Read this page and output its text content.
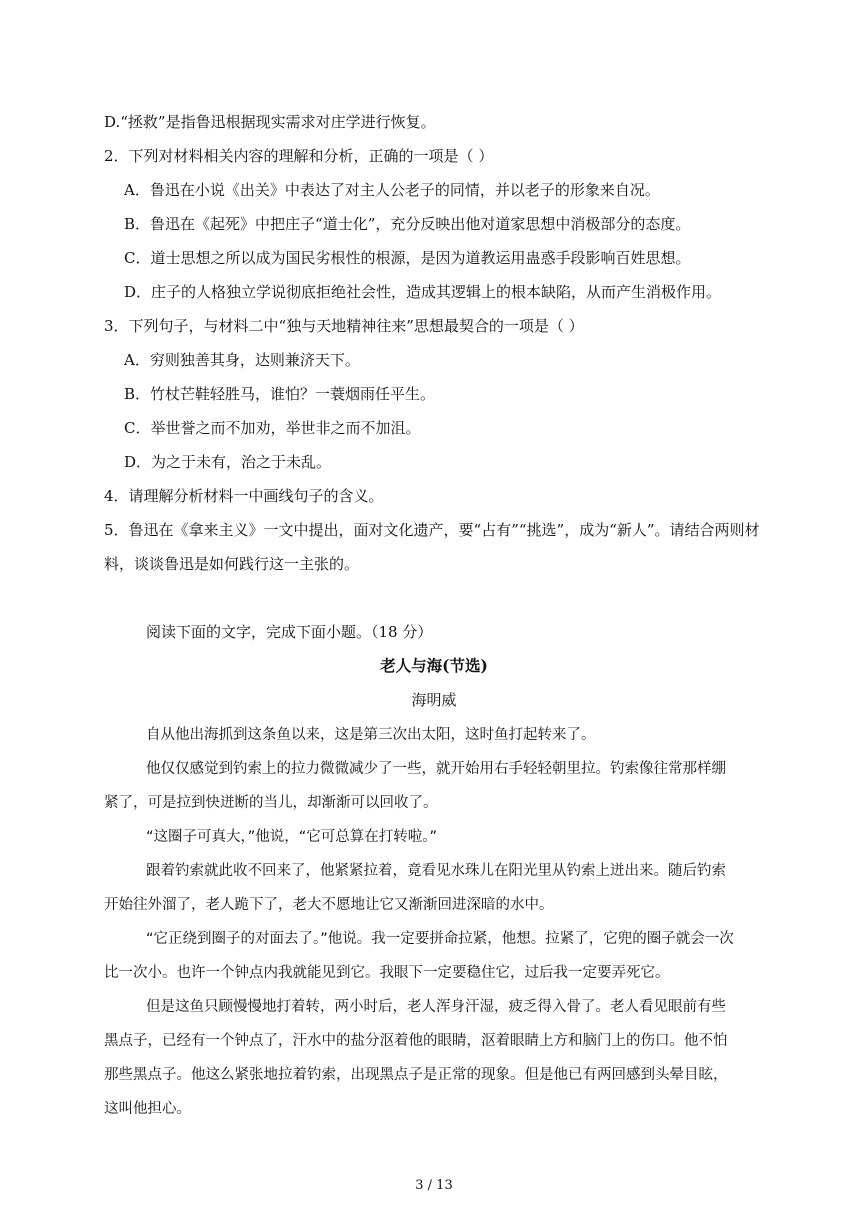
D.“拯救”是指鲁迅根据现实需求对庄学进行恢复。
2．下列对材料相关内容的理解和分析，正确的一项是（ ）
A．鲁迅在小说《出关》中表达了对主人公老子的同情，并以老子的形象来自况。
B．鲁迅在《起死》中把庄子“道士化”，充分反映出他对道家思想中消极部分的态度。
C．道士思想之所以成为国民劣根性的根源，是因为道教运用蛊惑手段影响百姓思想。
D．庄子的人格独立学说彻底拒绝社会性，造成其逻辑上的根本缺陷，从而产生消极作用。
3．下列句子，与材料二中“独与天地精神往来”思想最契合的一项是（ ）
A．穷则独善其身，达则兼济天下。
B．竹杖芒鞋轻胜马，谁怕？一蓑烟雨任平生。
C．举世誉之而不加劝，举世非之而不加沮。
D．为之于未有，治之于未乱。
4．请理解分析材料一中画线句子的含义。
5．鲁迅在《拿来主义》一文中提出，面对文化遗产，要“占有”“挑选”，成为“新人”。请结合两则材
料，谈谈鲁迅是如何践行这一主张的。
阅读下面的文字，完成下面小题。（18 分）
老人与海(节选)
海明威
自从他出海抓到这条鱼以来，这是第三次出太阳，这时鱼打起转来了。
他仅仅感觉到钓索上的拉力微微减少了一些，就开始用右手轻轻朝里拉。钓索像往常那样绷
紧了，可是拉到快迸断的当儿，却渐渐可以回收了。
“这圈子可真大，”他说，“它可总算在打转啦。”
跟着钓索就此收不回来了，他紧紧拉着，竟看见水珠儿在阳光里从钓索上迸出来。随后钓索
开始往外溜了，老人跪下了，老大不愿地让它又渐渐回进深暗的水中。
“它正绕到圈子的对面去了。”他说。我一定要拼命拉紧，他想。拉紧了，它兜的圈子就会一次
比一次小。也许一个钟点内我就能见到它。我眼下一定要稳住它，过后我一定要弄死它。
但是这鱼只顾慢慢地打着转，两小时后，老人浑身汗湿，疲乏得入骨了。老人看见眼前有些
黑点子，已经有一个钟点了，汗水中的盐分沤着他的眼睛，沤着眼睛上方和脑门上的伤口。他不怕
那些黑点子。他这么紧张地拉着钓索，出现黑点子是正常的现象。但是他已有两回感到头晕目眩，
这叫他担心。
3 / 13
